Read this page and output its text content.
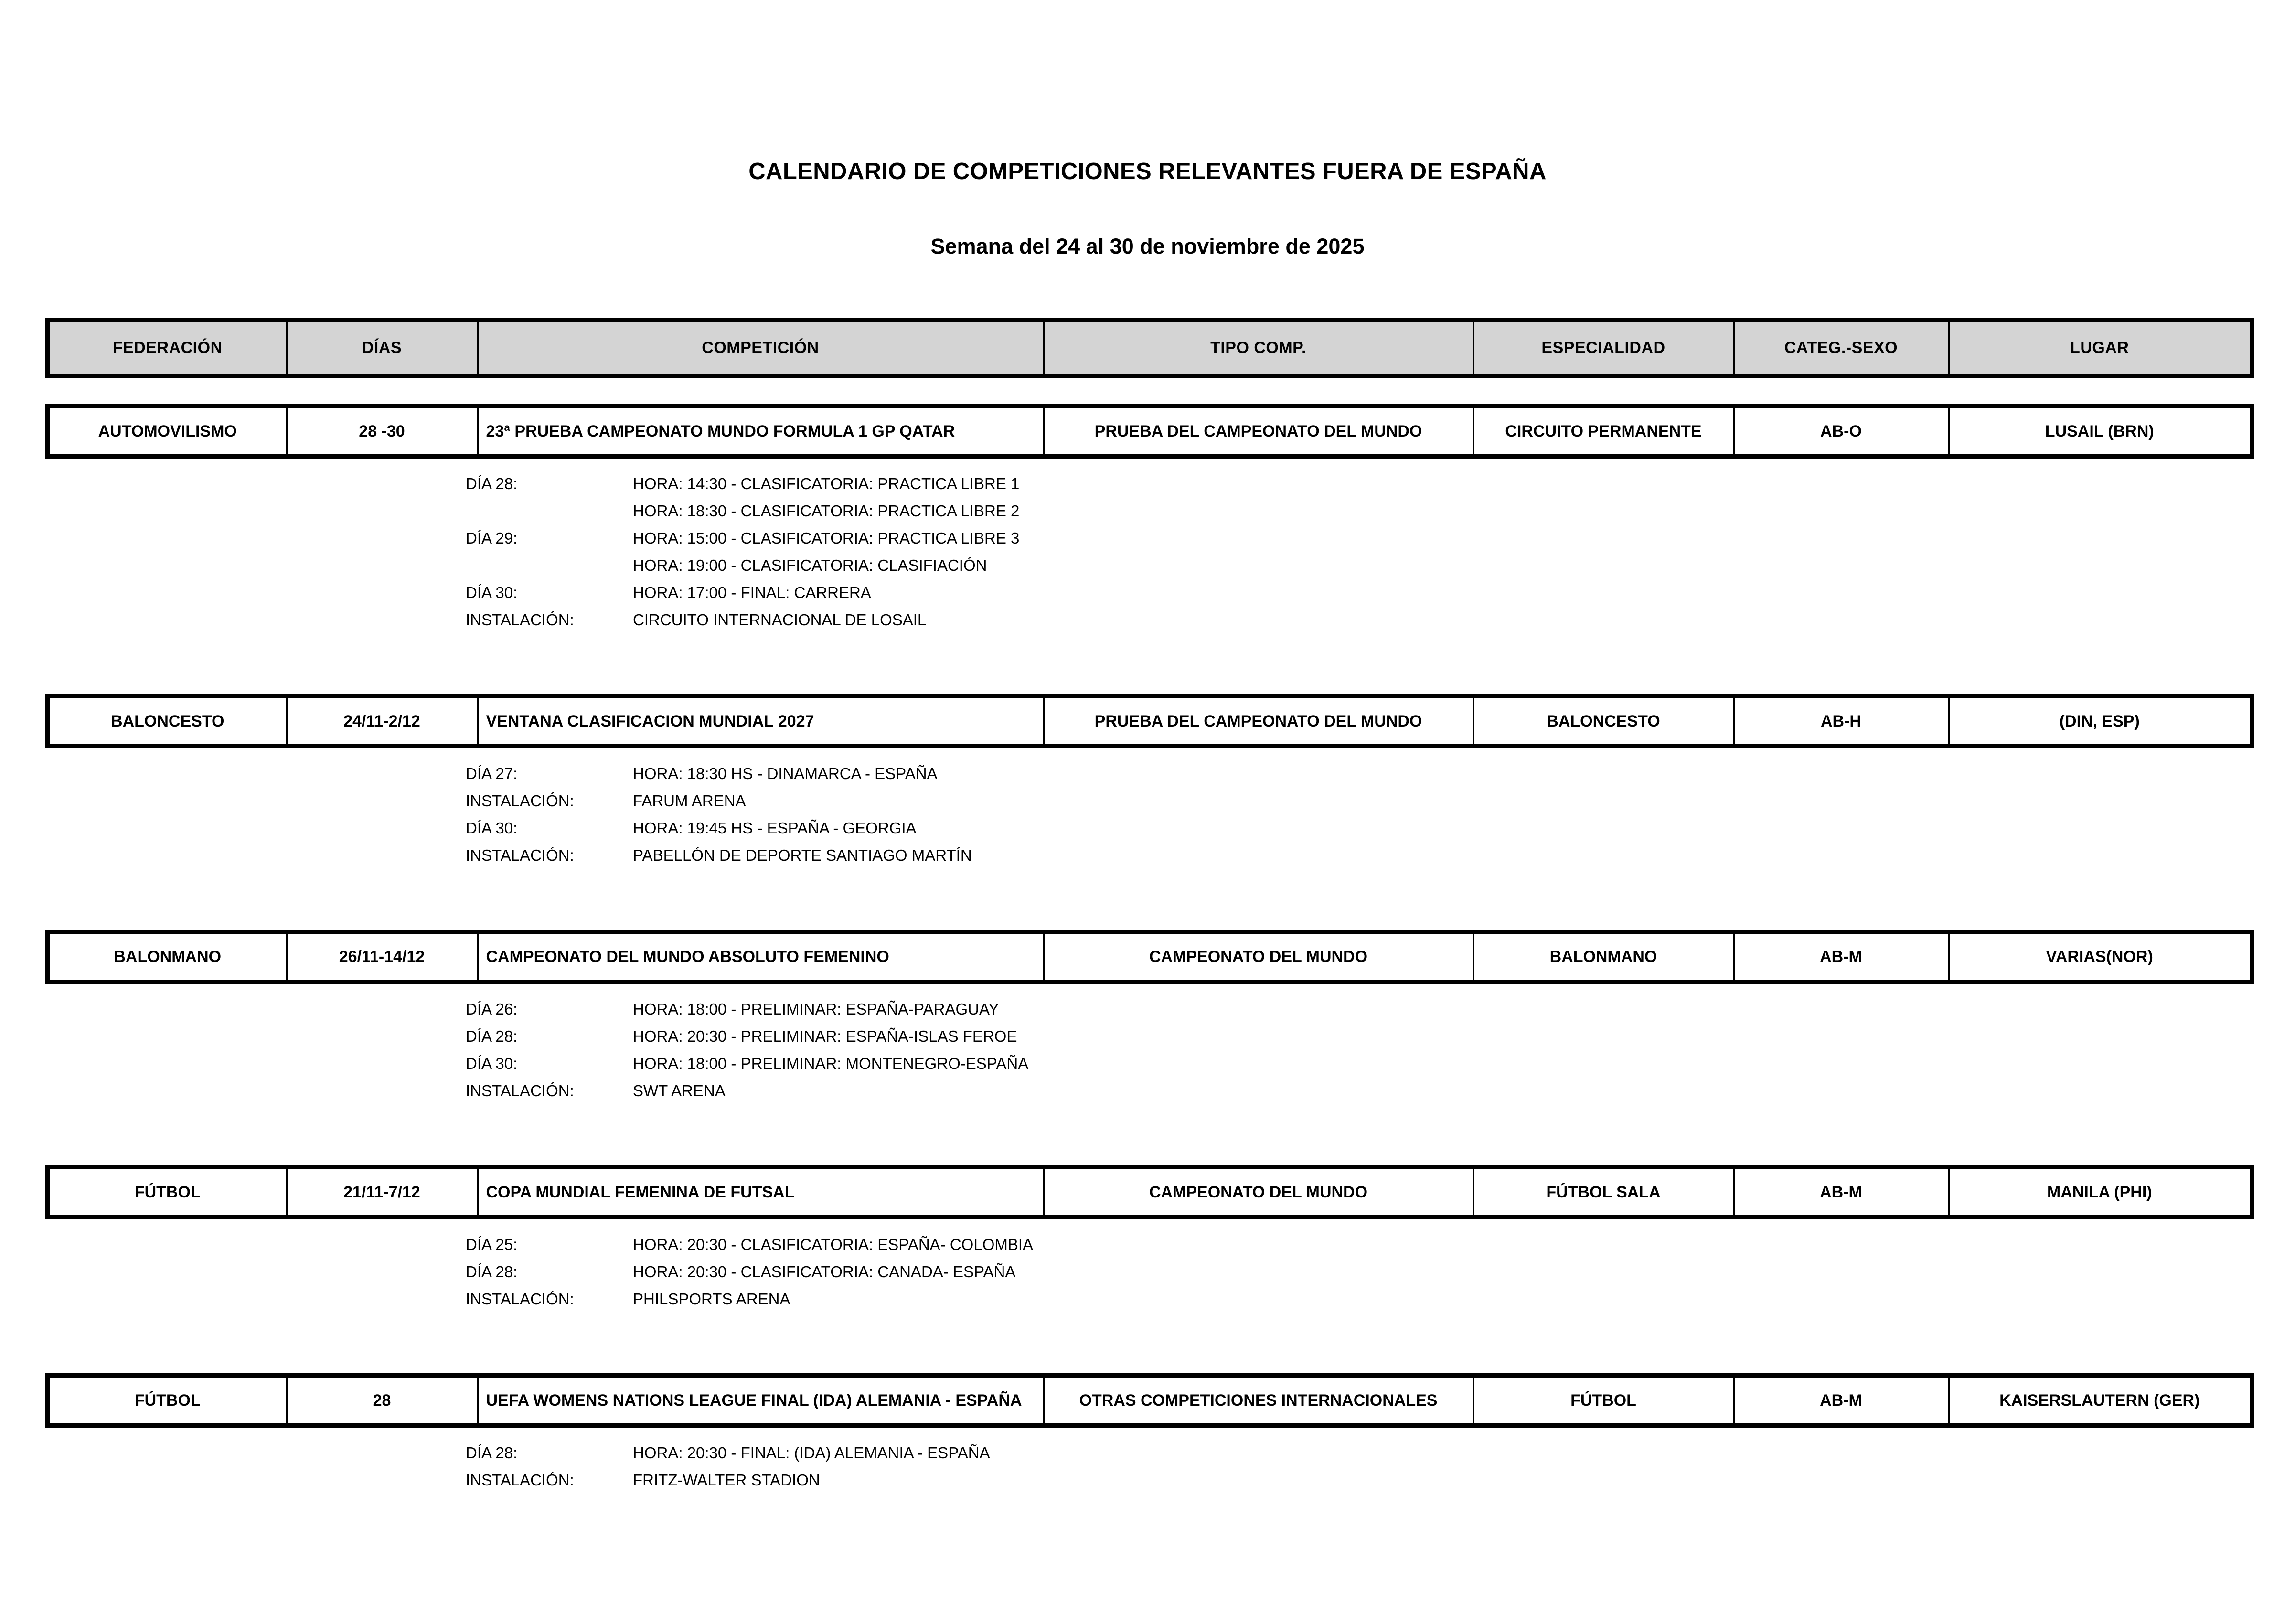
CALENDARIO DE COMPETICIONES RELEVANTES FUERA DE ESPAÑA
Semana del 24 al 30 de noviembre de 2025
FEDERACIÓN	DÍAS	COMPETICIÓN	TIPO COMP.	ESPECIALIDAD	CATEG.-SEXO	LUGAR
AUTOMOVILISMO	28 -30	23ª PRUEBA CAMPEONATO MUNDO FORMULA 1 GP QATAR	PRUEBA DEL CAMPEONATO DEL MUNDO	CIRCUITO PERMANENTE	AB-O	LUSAIL (BRN)
DÍA 28:	HORA: 14:30 - CLASIFICATORIA: PRACTICA LIBRE 1
HORA: 18:30 - CLASIFICATORIA: PRACTICA LIBRE 2
DÍA 29:	HORA: 15:00 - CLASIFICATORIA: PRACTICA LIBRE 3
HORA: 19:00 - CLASIFICATORIA: CLASIFIACIÓN
DÍA 30:	HORA: 17:00 - FINAL: CARRERA
INSTALACIÓN:	CIRCUITO INTERNACIONAL DE LOSAIL
BALONCESTO	24/11-2/12	VENTANA CLASIFICACION MUNDIAL 2027	PRUEBA DEL CAMPEONATO DEL MUNDO	BALONCESTO	AB-H	(DIN, ESP)
DÍA 27:	HORA: 18:30 HS - DINAMARCA - ESPAÑA
INSTALACIÓN:	FARUM ARENA
DÍA 30:	HORA: 19:45 HS - ESPAÑA - GEORGIA
INSTALACIÓN:	PABELLÓN DE DEPORTE SANTIAGO MARTÍN
BALONMANO	26/11-14/12	CAMPEONATO DEL MUNDO ABSOLUTO FEMENINO	CAMPEONATO DEL MUNDO	BALONMANO	AB-M	VARIAS(NOR)
DÍA 26:	HORA: 18:00 - PRELIMINAR: ESPAÑA-PARAGUAY
DÍA 28:	HORA: 20:30 - PRELIMINAR: ESPAÑA-ISLAS FEROE
DÍA 30:	HORA: 18:00 - PRELIMINAR: MONTENEGRO-ESPAÑA
INSTALACIÓN:	SWT ARENA
FÚTBOL	21/11-7/12	COPA MUNDIAL FEMENINA DE FUTSAL	CAMPEONATO DEL MUNDO	FÚTBOL SALA	AB-M	MANILA (PHI)
DÍA 25:	HORA: 20:30 - CLASIFICATORIA: ESPAÑA- COLOMBIA
DÍA 28:	HORA: 20:30 - CLASIFICATORIA: CANADA- ESPAÑA
INSTALACIÓN:	PHILSPORTS ARENA
FÚTBOL	28	UEFA WOMENS NATIONS LEAGUE FINAL (IDA) ALEMANIA - ESPAÑA	OTRAS COMPETICIONES INTERNACIONALES	FÚTBOL	AB-M	KAISERSLAUTERN (GER)
DÍA 28:	HORA: 20:30 - FINAL: (IDA) ALEMANIA - ESPAÑA
INSTALACIÓN:	FRITZ-WALTER STADION
